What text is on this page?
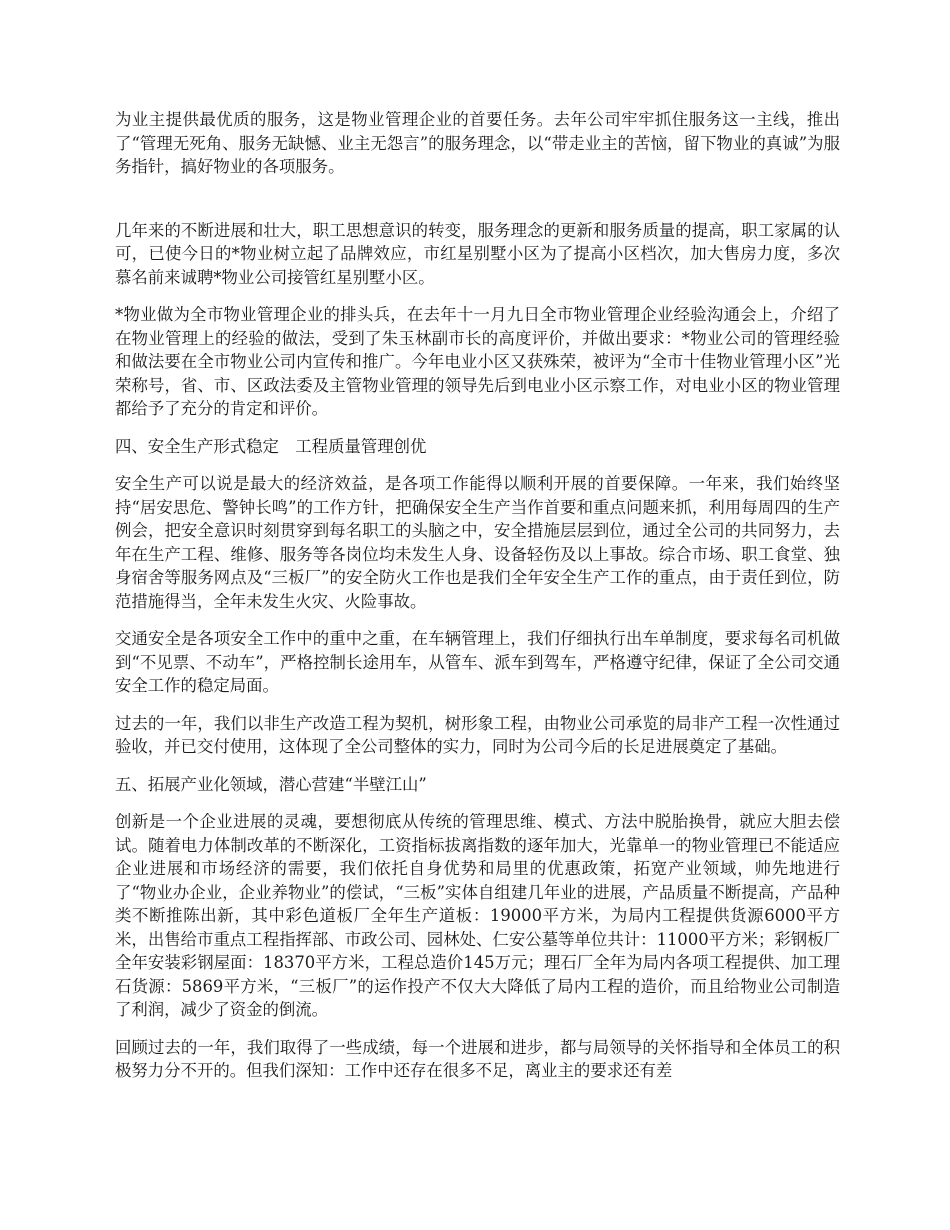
为业主提供最优质的服务，这是物业管理企业的首要任务。去年公司牢牢抓住服务这一主线，推出了“管理无死角、服务无缺憾、业主无怨言”的服务理念，以“带走业主的苦恼，留下物业的真诚”为服务指针，搞好物业的各项服务。

几年来的不断进展和壮大，职工思想意识的转变，服务理念的更新和服务质量的提高，职工家属的认可，已使今日的*物业树立起了品牌效应，市红星别墅小区为了提高小区档次，加大售房力度，多次慕名前来诚聘*物业公司接管红星别墅小区。

*物业做为全市物业管理企业的排头兵，在去年十一月九日全市物业管理企业经验沟通会上，介绍了在物业管理上的经验的做法，受到了朱玉林副市长的高度评价，并做出要求：*物业公司的管理经验和做法要在全市物业公司内宣传和推广。今年电业小区又获殊荣，被评为“全市十佳物业管理小区”光荣称号，省、市、区政法委及主管物业管理的领导先后到电业小区示察工作，对电业小区的物业管理都给予了充分的肯定和评价。

四、安全生产形式稳定　工程质量管理创优

安全生产可以说是最大的经济效益，是各项工作能得以顺利开展的首要保障。一年来，我们始终坚持“居安思危、警钟长鸣”的工作方针，把确保安全生产当作首要和重点问题来抓，利用每周四的生产例会，把安全意识时刻贯穿到每名职工的头脑之中，安全措施层层到位，通过全公司的共同努力，去年在生产工程、维修、服务等各岗位均未发生人身、设备轻伤及以上事故。综合市场、职工食堂、独身宿舍等服务网点及“三板厂”的安全防火工作也是我们全年安全生产工作的重点，由于责任到位，防范措施得当，全年未发生火灾、火险事故。

交通安全是各项安全工作中的重中之重，在车辆管理上，我们仔细执行出车单制度，要求每名司机做到“不见票、不动车”，严格控制长途用车，从管车、派车到驾车，严格遵守纪律，保证了全公司交通安全工作的稳定局面。

过去的一年，我们以非生产改造工程为契机，树形象工程，由物业公司承览的局非产工程一次性通过验收，并已交付使用，这体现了全公司整体的实力，同时为公司今后的长足进展奠定了基础。

五、拓展产业化领域，潜心营建“半壁江山”

创新是一个企业进展的灵魂，要想彻底从传统的管理思维、模式、方法中脱胎换骨，就应大胆去偿试。随着电力体制改革的不断深化，工资指标拔离指数的逐年加大，光靠单一的物业管理已不能适应企业进展和市场经济的需要，我们依托自身优势和局里的优惠政策，拓宽产业领域，帅先地进行了“物业办企业，企业养物业”的偿试，“三板”实体自组建几年业的进展，产品质量不断提高，产品种类不断推陈出新，其中彩色道板厂全年生产道板：19000平方米，为局内工程提供货源6000平方米，出售给市重点工程指挥部、市政公司、园林处、仁安公墓等单位共计：11000平方米；彩钢板厂全年安装彩钢屋面：18370平方米，工程总造价145万元；理石厂全年为局内各项工程提供、加工理石货源：5869平方米，“三板厂”的运作投产不仅大大降低了局内工程的造价，而且给物业公司制造了利润，减少了资金的倒流。

回顾过去的一年，我们取得了一些成绩，每一个进展和进步，都与局领导的关怀指导和全体员工的积极努力分不开的。但我们深知：工作中还存在很多不足，离业主的要求还有差
